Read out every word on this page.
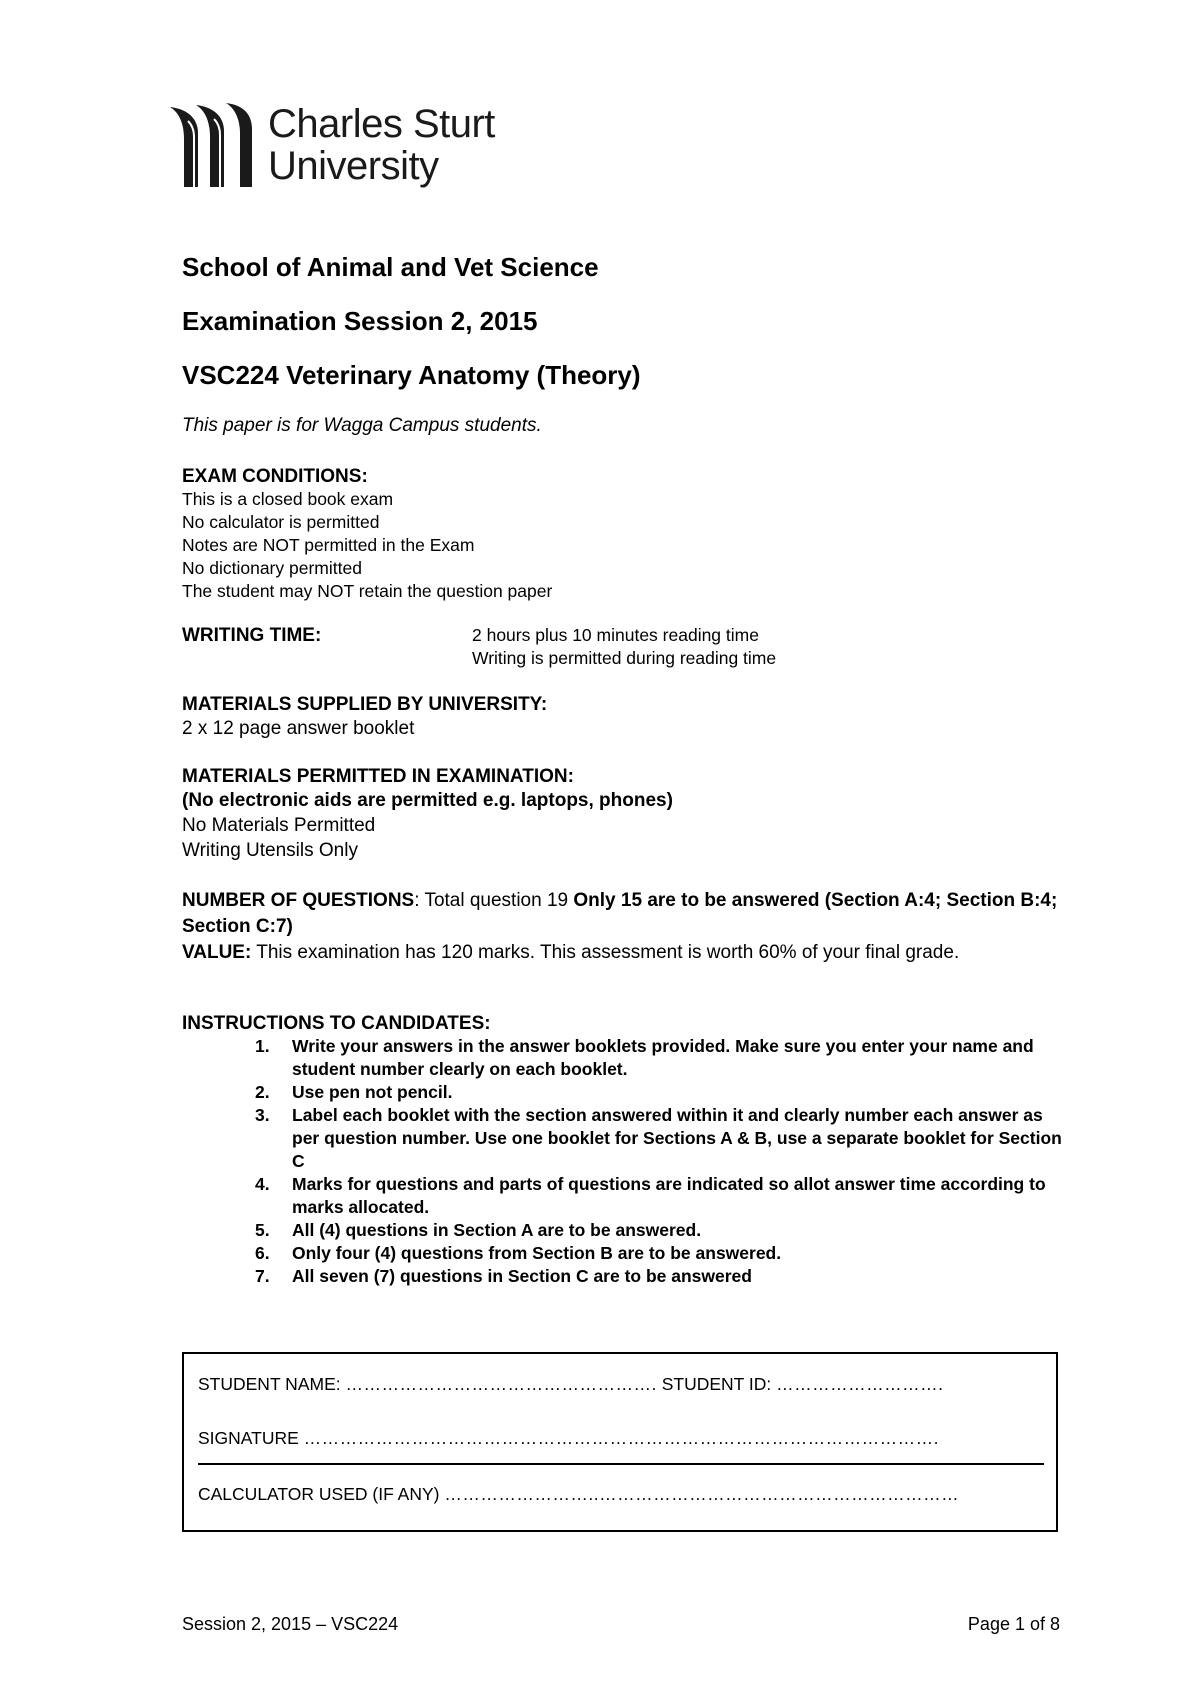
Charles Sturt
University
School of Animal and Vet Science
Examination Session 2, 2015
VSC224 Veterinary Anatomy (Theory)
This paper is for Wagga Campus students.
EXAM CONDITIONS:
This is a closed book exam
No calculator is permitted
Notes are NOT permitted in the Exam
No dictionary permitted
The student may NOT retain the question paper
WRITING TIME:	2 hours plus 10 minutes reading time
Writing is permitted during reading time
MATERIALS SUPPLIED BY UNIVERSITY:
2 x 12 page answer booklet
MATERIALS PERMITTED IN EXAMINATION:
(No electronic aids are permitted e.g. laptops, phones)
No Materials Permitted
Writing Utensils Only
NUMBER OF QUESTIONS: Total question 19 Only 15 are to be answered (Section A:4; Section B:4; Section C:7)
VALUE: This examination has 120 marks. This assessment is worth 60% of your final grade.
INSTRUCTIONS TO CANDIDATES:
1.	Write your answers in the answer booklets provided. Make sure you enter your name and student number clearly on each booklet.
2.	Use pen not pencil.
3.	Label each booklet with the section answered within it and clearly number each answer as per question number. Use one booklet for Sections A & B, use a separate booklet for Section C
4.	Marks for questions and parts of questions are indicated so allot answer time according to marks allocated.
5.	All (4) questions in Section A are to be answered.
6.	Only four (4) questions from Section B are to be answered.
7.	All seven (7) questions in Section C are to be answered
STUDENT NAME: ……………………………………………. STUDENT ID: ……………………….
SIGNATURE …………………………………………………………………………………………….
CALCULATOR USED (IF ANY) ……………………..……………………………………………………
Session 2, 2015 – VSC224	Page 1 of 8
